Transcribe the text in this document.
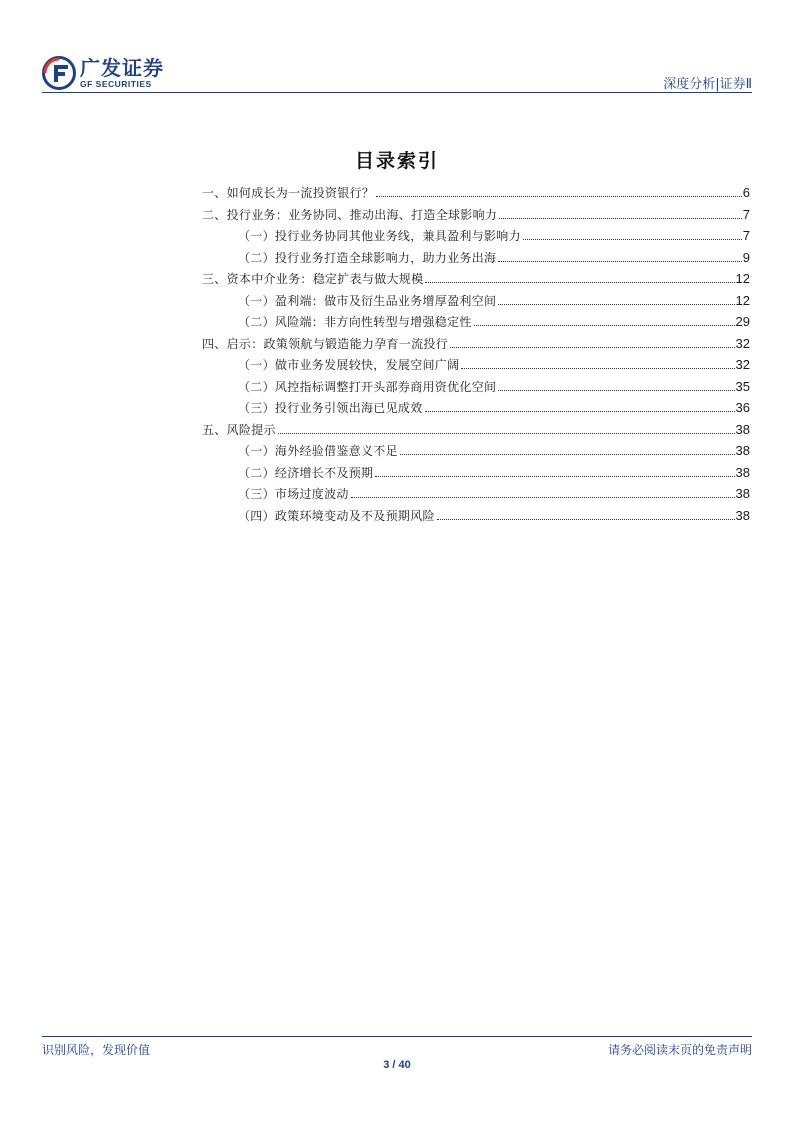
广发证券
GF SECURITIES	深度分析|证券Ⅱ
目录索引
一、如何成长为一流投资银行？	6
二、投行业务：业务协同、推动出海、打造全球影响力	7
（一）投行业务协同其他业务线，兼具盈利与影响力	7
（二）投行业务打造全球影响力，助力业务出海	9
三、资本中介业务：稳定扩表与做大规模	12
（一）盈利端：做市及衍生品业务增厚盈利空间	12
（二）风险端：非方向性转型与增强稳定性	29
四、启示：政策领航与锻造能力孕育一流投行	32
（一）做市业务发展较快，发展空间广阔	32
（二）风控指标调整打开头部券商用资优化空间	35
（三）投行业务引领出海已见成效	36
五、风险提示	38
（一）海外经验借鉴意义不足	38
（二）经济增长不及预期	38
（三）市场过度波动	38
（四）政策环境变动及不及预期风险	38
识别风险，发现价值	请务必阅读末页的免责声明
3 / 40
